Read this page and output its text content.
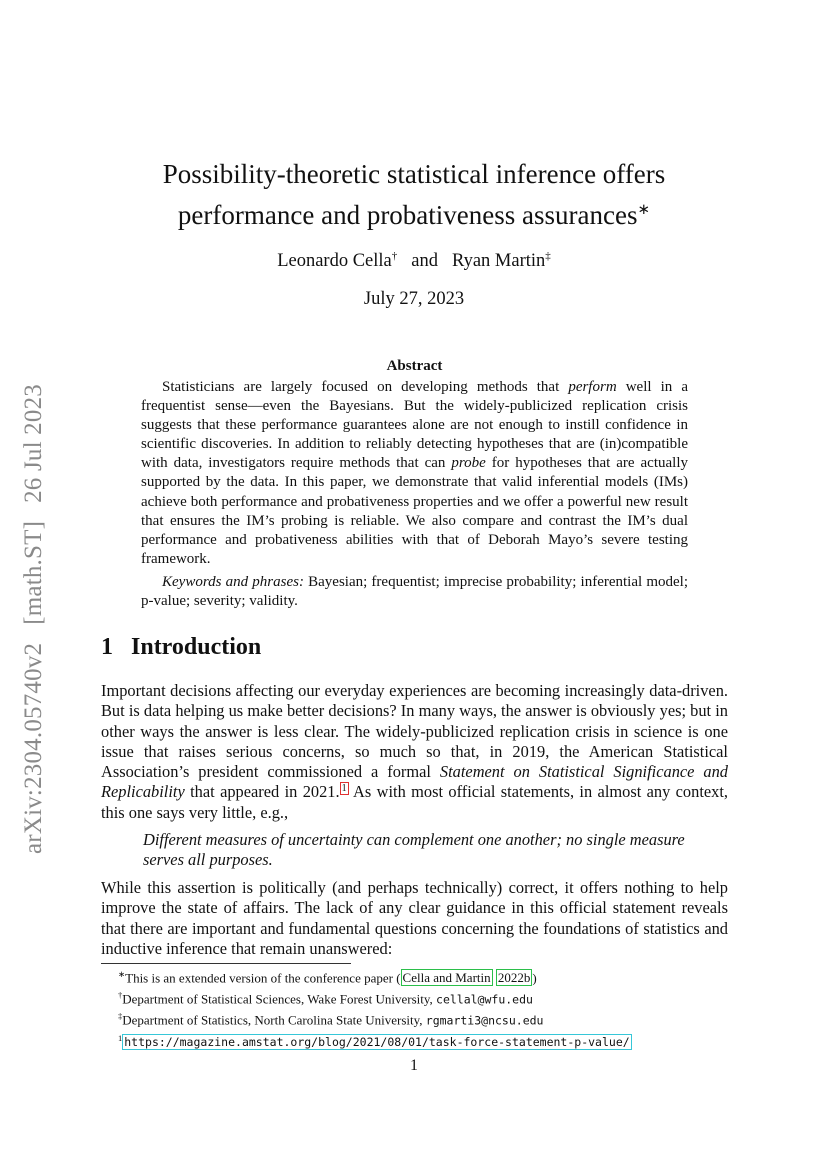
arXiv:2304.05740v2[math.ST]26 Jul 2023
Possibility-theoretic statistical inference offers
performance and probativeness assurances∗
Leonardo Cella† and Ryan Martin‡
July 27, 2023
Abstract

Statisticians are largely focused on developing methods that perform well in a frequentist sense—even the Bayesians. But the widely-publicized replication crisis suggests that these performance guarantees alone are not enough to instill confidence in scientific discoveries. In addition to reliably detecting hypotheses that are (in)compatible with data, investigators require methods that can probe for hypotheses that are actually supported by the data. In this paper, we demonstrate that valid inferential models (IMs) achieve both performance and probativeness properties and we offer a powerful new result that ensures the IM’s probing is reliable. We also compare and contrast the IM’s dual performance and probativeness abilities with that of Deborah Mayo’s severe testing framework.

Keywords and phrases: Bayesian; frequentist; imprecise probability; inferential model; p-value; severity; validity.

1 Introduction

Important decisions affecting our everyday experiences are becoming increasingly data-driven. But is data helping us make better decisions? In many ways, the answer is obviously yes; but in other ways the answer is less clear. The widely-publicized replication crisis in science is one issue that raises serious concerns, so much so that, in 2019, the American Statistical Association’s president commissioned a formal Statement on Statistical Significance and Replicability that appeared in 2021. $^1$ As with most official statements, in almost any context, this one says very little, e.g.,

Different measures of uncertainty can complement one another; no single measure serves all purposes.

While this assertion is politically (and perhaps technically) correct, it offers nothing to help improve the state of affairs. The lack of any clear guidance in this official statement reveals that there are important and fundamental questions concerning the foundations of statistics and inductive inference that remain unanswered:

∗This is an extended version of the conference paper ( Cella and Martin 2022b )
†Department of Statistical Sciences, Wake Forest University, cellal@wfu.edu
‡Department of Statistics, North Carolina State University, rgmarti3@ncsu.edu
$^1$ https://magazine.amstat.org/blog/2021/08/01/task-force-statement-p-value/
1
